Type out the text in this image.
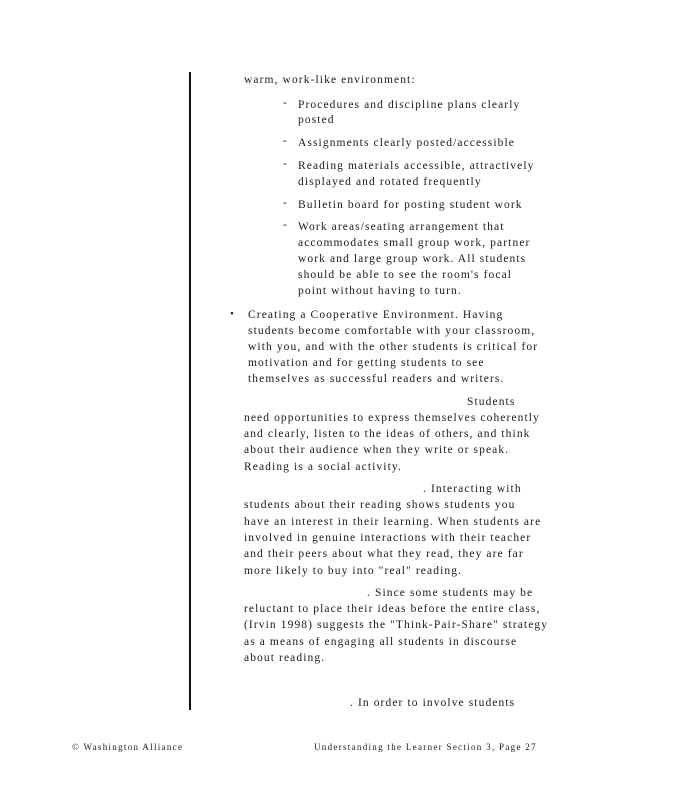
warm, work-like environment:
- Procedures and discipline plans clearly
posted
- Assignments clearly posted/accessible
- Reading materials accessible, attractively
displayed and rotated frequently
- Bulletin board for posting student work
- Work areas/seating arrangement that
accommodates small group work, partner
work and large group work. All students
should be able to see the room's focal
point without having to turn.
• Creating a Cooperative Environment. Having
students become comfortable with your classroom,
with you, and with the other students is critical for
motivation and for getting students to see
themselves as successful readers and writers.
Students
need opportunities to express themselves coherently
and clearly, listen to the ideas of others, and think
about their audience when they write or speak.
Reading is a social activity.
. Interacting with
students about their reading shows students you
have an interest in their learning. When students are
involved in genuine interactions with their teacher
and their peers about what they read, they are far
more likely to buy into "real" reading.
. Since some students may be
reluctant to place their ideas before the entire class,
(Irvin 1998) suggests the "Think-Pair-Share" strategy
as a means of engaging all students in discourse
about reading.
. In order to involve students
© Washington Alliance	Understanding the Learner Section 3, Page 27
